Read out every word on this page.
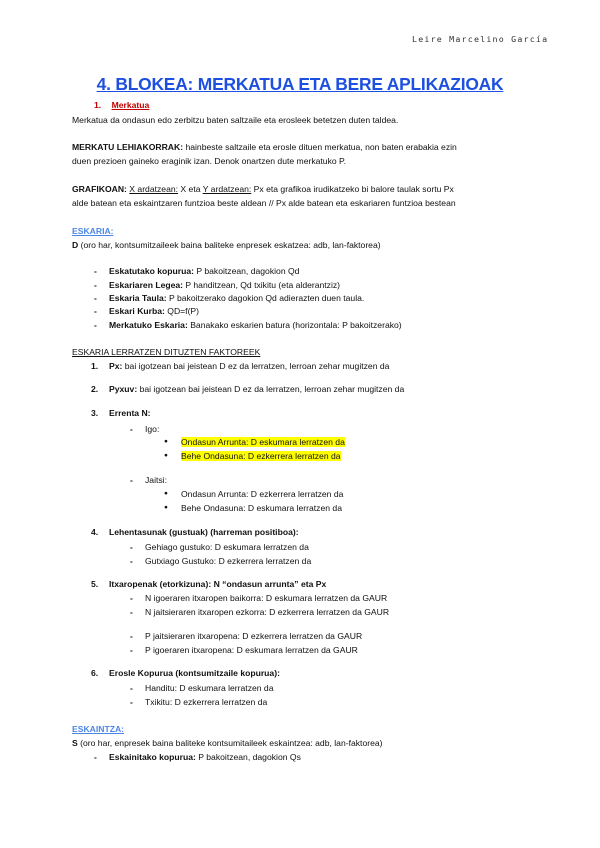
Leire Marcelino García
4. BLOKEA: MERKATUA ETA BERE APLIKAZIOAK
1. Merkatua
Merkatua da ondasun edo zerbitzu baten saltzaile eta erosleek betetzen duten taldea.
MERKATU LEHIAKORRAK: hainbeste saltzaile eta erosle dituen merkatua, non baten erabakia ezin
duen prezioen gaineko eraginik izan. Denok onartzen dute merkatuko P.
GRAFIKOAN: X ardatzean: X eta Y ardatzean: Px eta grafikoa irudikatzeko bi balore taulak sortu Px
alde batean eta eskaintzaren funtzioa beste aldean // Px alde batean eta eskariaren funtzioa bestean
ESKARIA:
D (oro har, kontsumitzaileek baina baliteke enpresek eskatzea: adb, lan-faktorea)
- Eskatutako kopurua: P bakoitzean, dagokion Qd
- Eskariaren Legea: P handitzean, Qd txikitu (eta alderantziz)
- Eskaria Taula: P bakoitzerako dagokion Qd adierazten duen taula.
- Eskari Kurba: QD=f(P)
- Merkatuko Eskaria: Banakako eskarien batura (horizontala: P bakoitzerako)
ESKARIA LERRATZEN DITUZTEN FAKTOREEK
1. Px: bai igotzean bai jeistean D ez da lerratzen, lerroan zehar mugitzen da
2. Pyxuv: bai igotzean bai jeistean D ez da lerratzen, lerroan zehar mugitzen da
3. Errenta N:
- Igo:
● Ondasun Arrunta: D eskumara lerratzen da
● Behe Ondasuna: D ezkerrera lerratzen da
- Jaitsi:
● Ondasun Arrunta: D ezkerrera lerratzen da
● Behe Ondasuna: D eskumara lerratzen da
4. Lehentasunak (gustuak) (harreman positiboa):
- Gehiago gustuko: D eskumara lerratzen da
- Gutxiago Gustuko: D ezkerrera lerratzen da
5. Itxaropenak (etorkizuna): N “ondasun arrunta” eta Px
- N igoeraren itxaropen baikorra: D eskumara lerratzen da GAUR
- N jaitsieraren itxaropen ezkorra: D ezkerrera lerratzen da GAUR
- P jaitsieraren itxaropena: D ezkerrera lerratzen da GAUR
- P igoeraren itxaropena: D eskumara lerratzen da GAUR
6. Erosle Kopurua (kontsumitzaile kopurua):
- Handitu: D eskumara lerratzen da
- Txikitu: D ezkerrera lerratzen da
ESKAINTZA:
S (oro har, enpresek baina baliteke kontsumitaileek eskaintzea: adb, lan-faktorea)
- Eskainitako kopurua: P bakoitzean, dagokion Qs
